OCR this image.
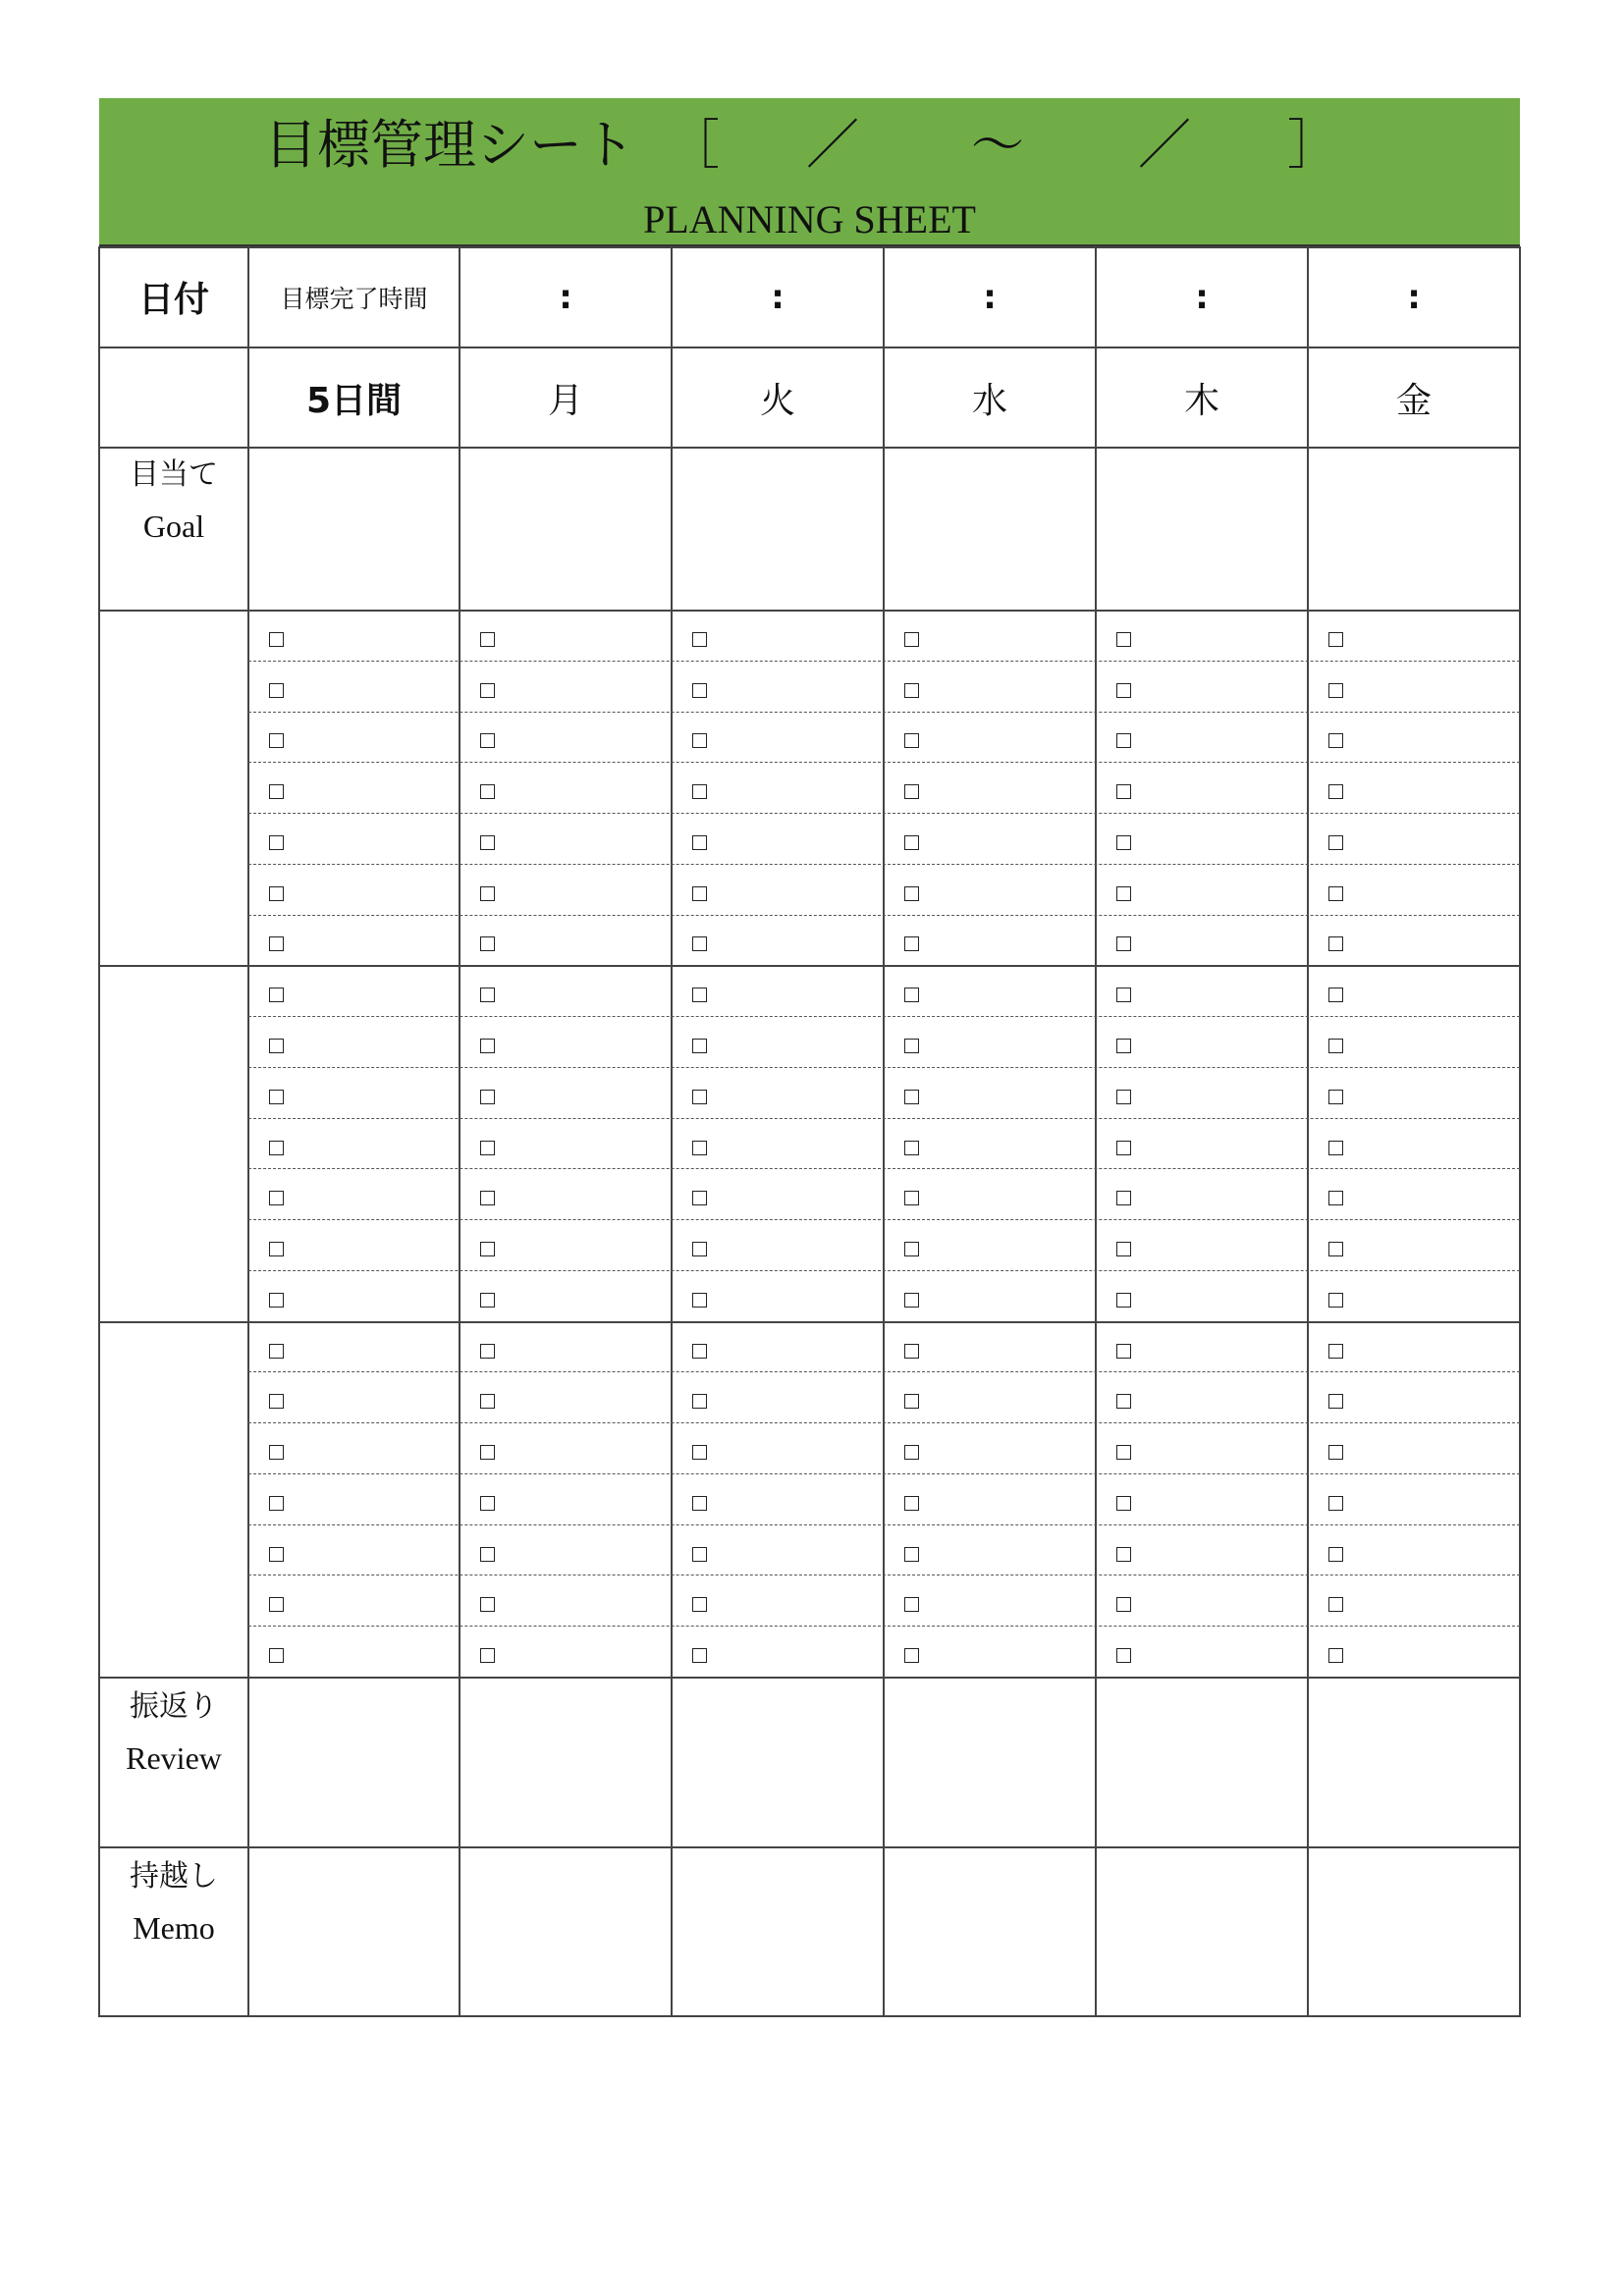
目標管理シート ［ ／ ～ ／ ］
PLANNING SHEET
日付	目標完了時間	:
月
:
火
:
水
:
木
:
金
5日間
目当て
Goal
振返り
Review
持越し
Memo
